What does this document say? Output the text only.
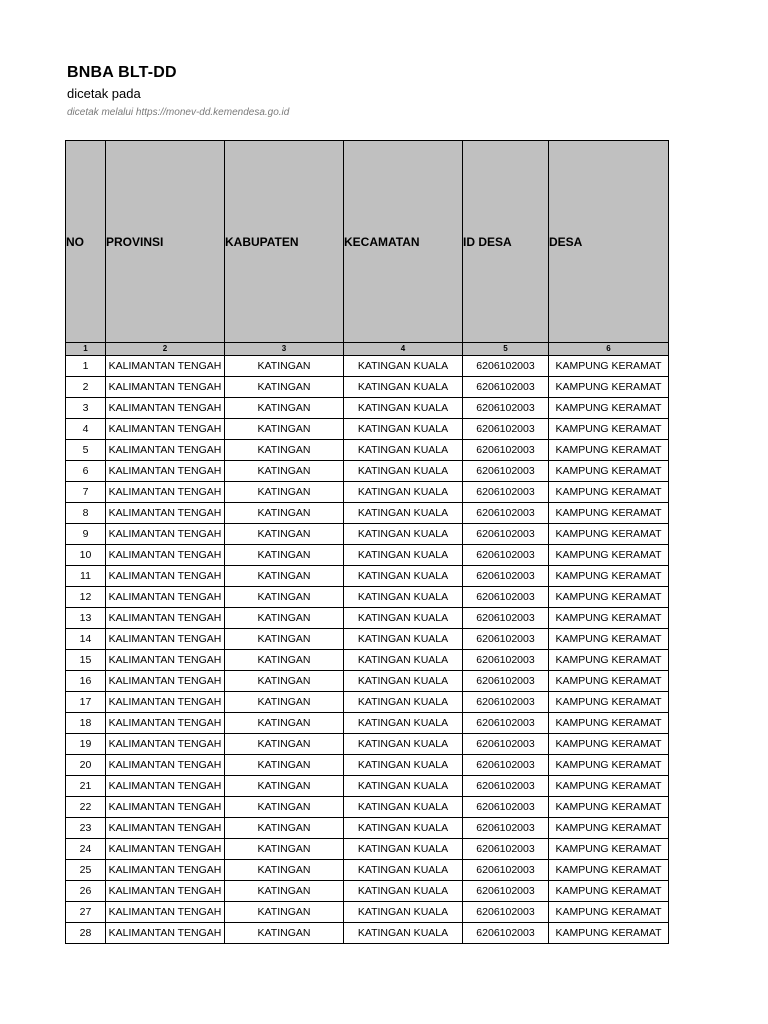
BNBA BLT-DD
dicetak pada
dicetak melalui https://monev-dd.kemendesa.go.id
NO	PROVINSI	KABUPATEN	KECAMATAN	ID DESA	DESA
1	2	3	4	5	6
1	KALIMANTAN TENGAH	KATINGAN	KATINGAN KUALA	6206102003	KAMPUNG KERAMAT
2	KALIMANTAN TENGAH	KATINGAN	KATINGAN KUALA	6206102003	KAMPUNG KERAMAT
3	KALIMANTAN TENGAH	KATINGAN	KATINGAN KUALA	6206102003	KAMPUNG KERAMAT
4	KALIMANTAN TENGAH	KATINGAN	KATINGAN KUALA	6206102003	KAMPUNG KERAMAT
5	KALIMANTAN TENGAH	KATINGAN	KATINGAN KUALA	6206102003	KAMPUNG KERAMAT
6	KALIMANTAN TENGAH	KATINGAN	KATINGAN KUALA	6206102003	KAMPUNG KERAMAT
7	KALIMANTAN TENGAH	KATINGAN	KATINGAN KUALA	6206102003	KAMPUNG KERAMAT
8	KALIMANTAN TENGAH	KATINGAN	KATINGAN KUALA	6206102003	KAMPUNG KERAMAT
9	KALIMANTAN TENGAH	KATINGAN	KATINGAN KUALA	6206102003	KAMPUNG KERAMAT
10	KALIMANTAN TENGAH	KATINGAN	KATINGAN KUALA	6206102003	KAMPUNG KERAMAT
11	KALIMANTAN TENGAH	KATINGAN	KATINGAN KUALA	6206102003	KAMPUNG KERAMAT
12	KALIMANTAN TENGAH	KATINGAN	KATINGAN KUALA	6206102003	KAMPUNG KERAMAT
13	KALIMANTAN TENGAH	KATINGAN	KATINGAN KUALA	6206102003	KAMPUNG KERAMAT
14	KALIMANTAN TENGAH	KATINGAN	KATINGAN KUALA	6206102003	KAMPUNG KERAMAT
15	KALIMANTAN TENGAH	KATINGAN	KATINGAN KUALA	6206102003	KAMPUNG KERAMAT
16	KALIMANTAN TENGAH	KATINGAN	KATINGAN KUALA	6206102003	KAMPUNG KERAMAT
17	KALIMANTAN TENGAH	KATINGAN	KATINGAN KUALA	6206102003	KAMPUNG KERAMAT
18	KALIMANTAN TENGAH	KATINGAN	KATINGAN KUALA	6206102003	KAMPUNG KERAMAT
19	KALIMANTAN TENGAH	KATINGAN	KATINGAN KUALA	6206102003	KAMPUNG KERAMAT
20	KALIMANTAN TENGAH	KATINGAN	KATINGAN KUALA	6206102003	KAMPUNG KERAMAT
21	KALIMANTAN TENGAH	KATINGAN	KATINGAN KUALA	6206102003	KAMPUNG KERAMAT
22	KALIMANTAN TENGAH	KATINGAN	KATINGAN KUALA	6206102003	KAMPUNG KERAMAT
23	KALIMANTAN TENGAH	KATINGAN	KATINGAN KUALA	6206102003	KAMPUNG KERAMAT
24	KALIMANTAN TENGAH	KATINGAN	KATINGAN KUALA	6206102003	KAMPUNG KERAMAT
25	KALIMANTAN TENGAH	KATINGAN	KATINGAN KUALA	6206102003	KAMPUNG KERAMAT
26	KALIMANTAN TENGAH	KATINGAN	KATINGAN KUALA	6206102003	KAMPUNG KERAMAT
27	KALIMANTAN TENGAH	KATINGAN	KATINGAN KUALA	6206102003	KAMPUNG KERAMAT
28	KALIMANTAN TENGAH	KATINGAN	KATINGAN KUALA	6206102003	KAMPUNG KERAMAT
